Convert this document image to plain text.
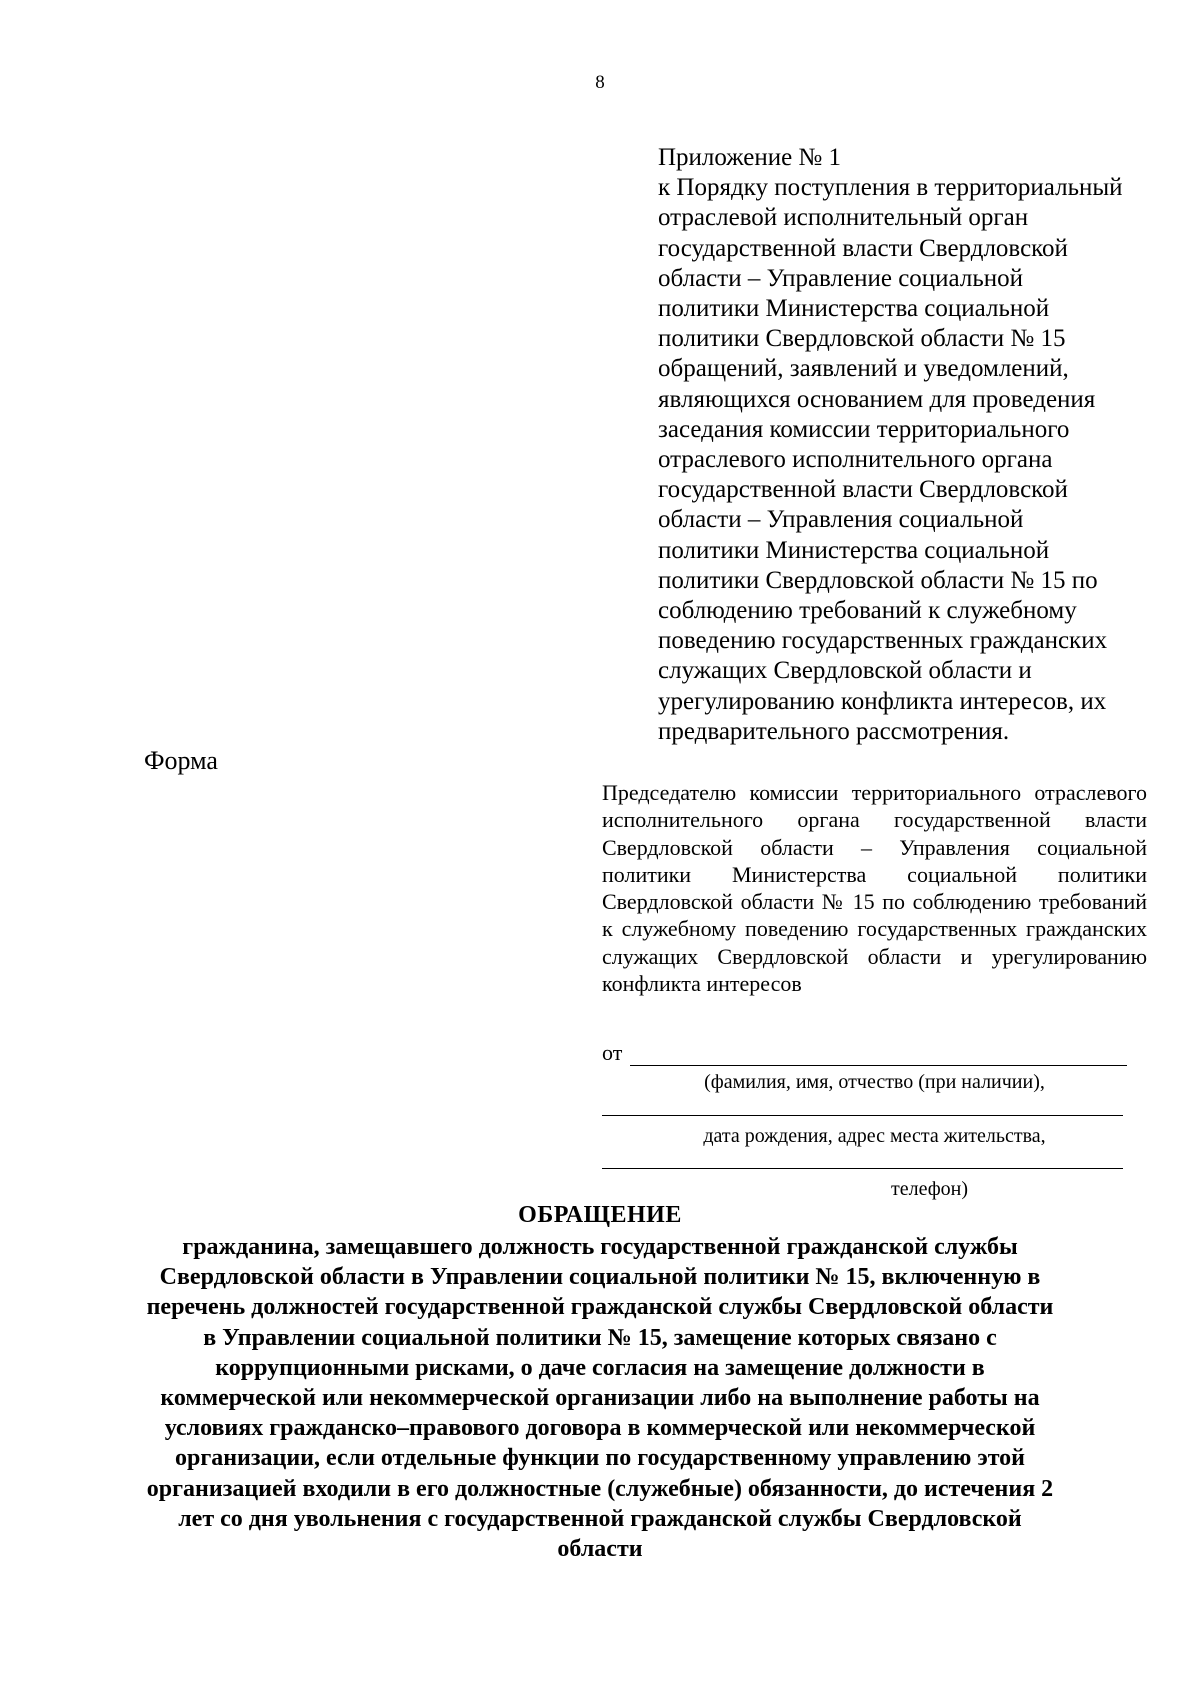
8
Приложение № 1
к Порядку поступления в территориальный
отраслевой исполнительный орган
государственной власти Свердловской
области – Управление социальной
политики Министерства социальной
политики Свердловской области № 15
обращений, заявлений и уведомлений,
являющихся основанием для проведения
заседания комиссии территориального
отраслевого исполнительного органа
государственной власти Свердловской
области – Управления социальной
политики Министерства социальной
политики Свердловской области № 15 по
соблюдению требований к служебному
поведению государственных гражданских
служащих Свердловской области и
урегулированию конфликта интересов, их
предварительного рассмотрения.
Форма
Председателю комиссии территориального отраслевого исполнительного органа государственной власти Свердловской области – Управления социальной политики Министерства социальной политики Свердловской области № 15 по соблюдению требований к служебному поведению государственных гражданских служащих Свердловской области и урегулированию конфликта интересов
от
(фамилия, имя, отчество (при наличии),
дата рождения, адрес места жительства,
телефон)
ОБРАЩЕНИЕ
гражданина, замещавшего должность государственной гражданской службы
Свердловской области в Управлении социальной политики № 15, включенную в
перечень должностей государственной гражданской службы Свердловской области
в Управлении социальной политики № 15, замещение которых связано с
коррупционными рисками, о даче согласия на замещение должности в
коммерческой или некоммерческой организации либо на выполнение работы на
условиях гражданско–правового договора в коммерческой или некоммерческой
организации, если отдельные функции по государственному управлению этой
организацией входили в его должностные (служебные) обязанности, до истечения 2
лет со дня увольнения с государственной гражданской службы Свердловской
области
